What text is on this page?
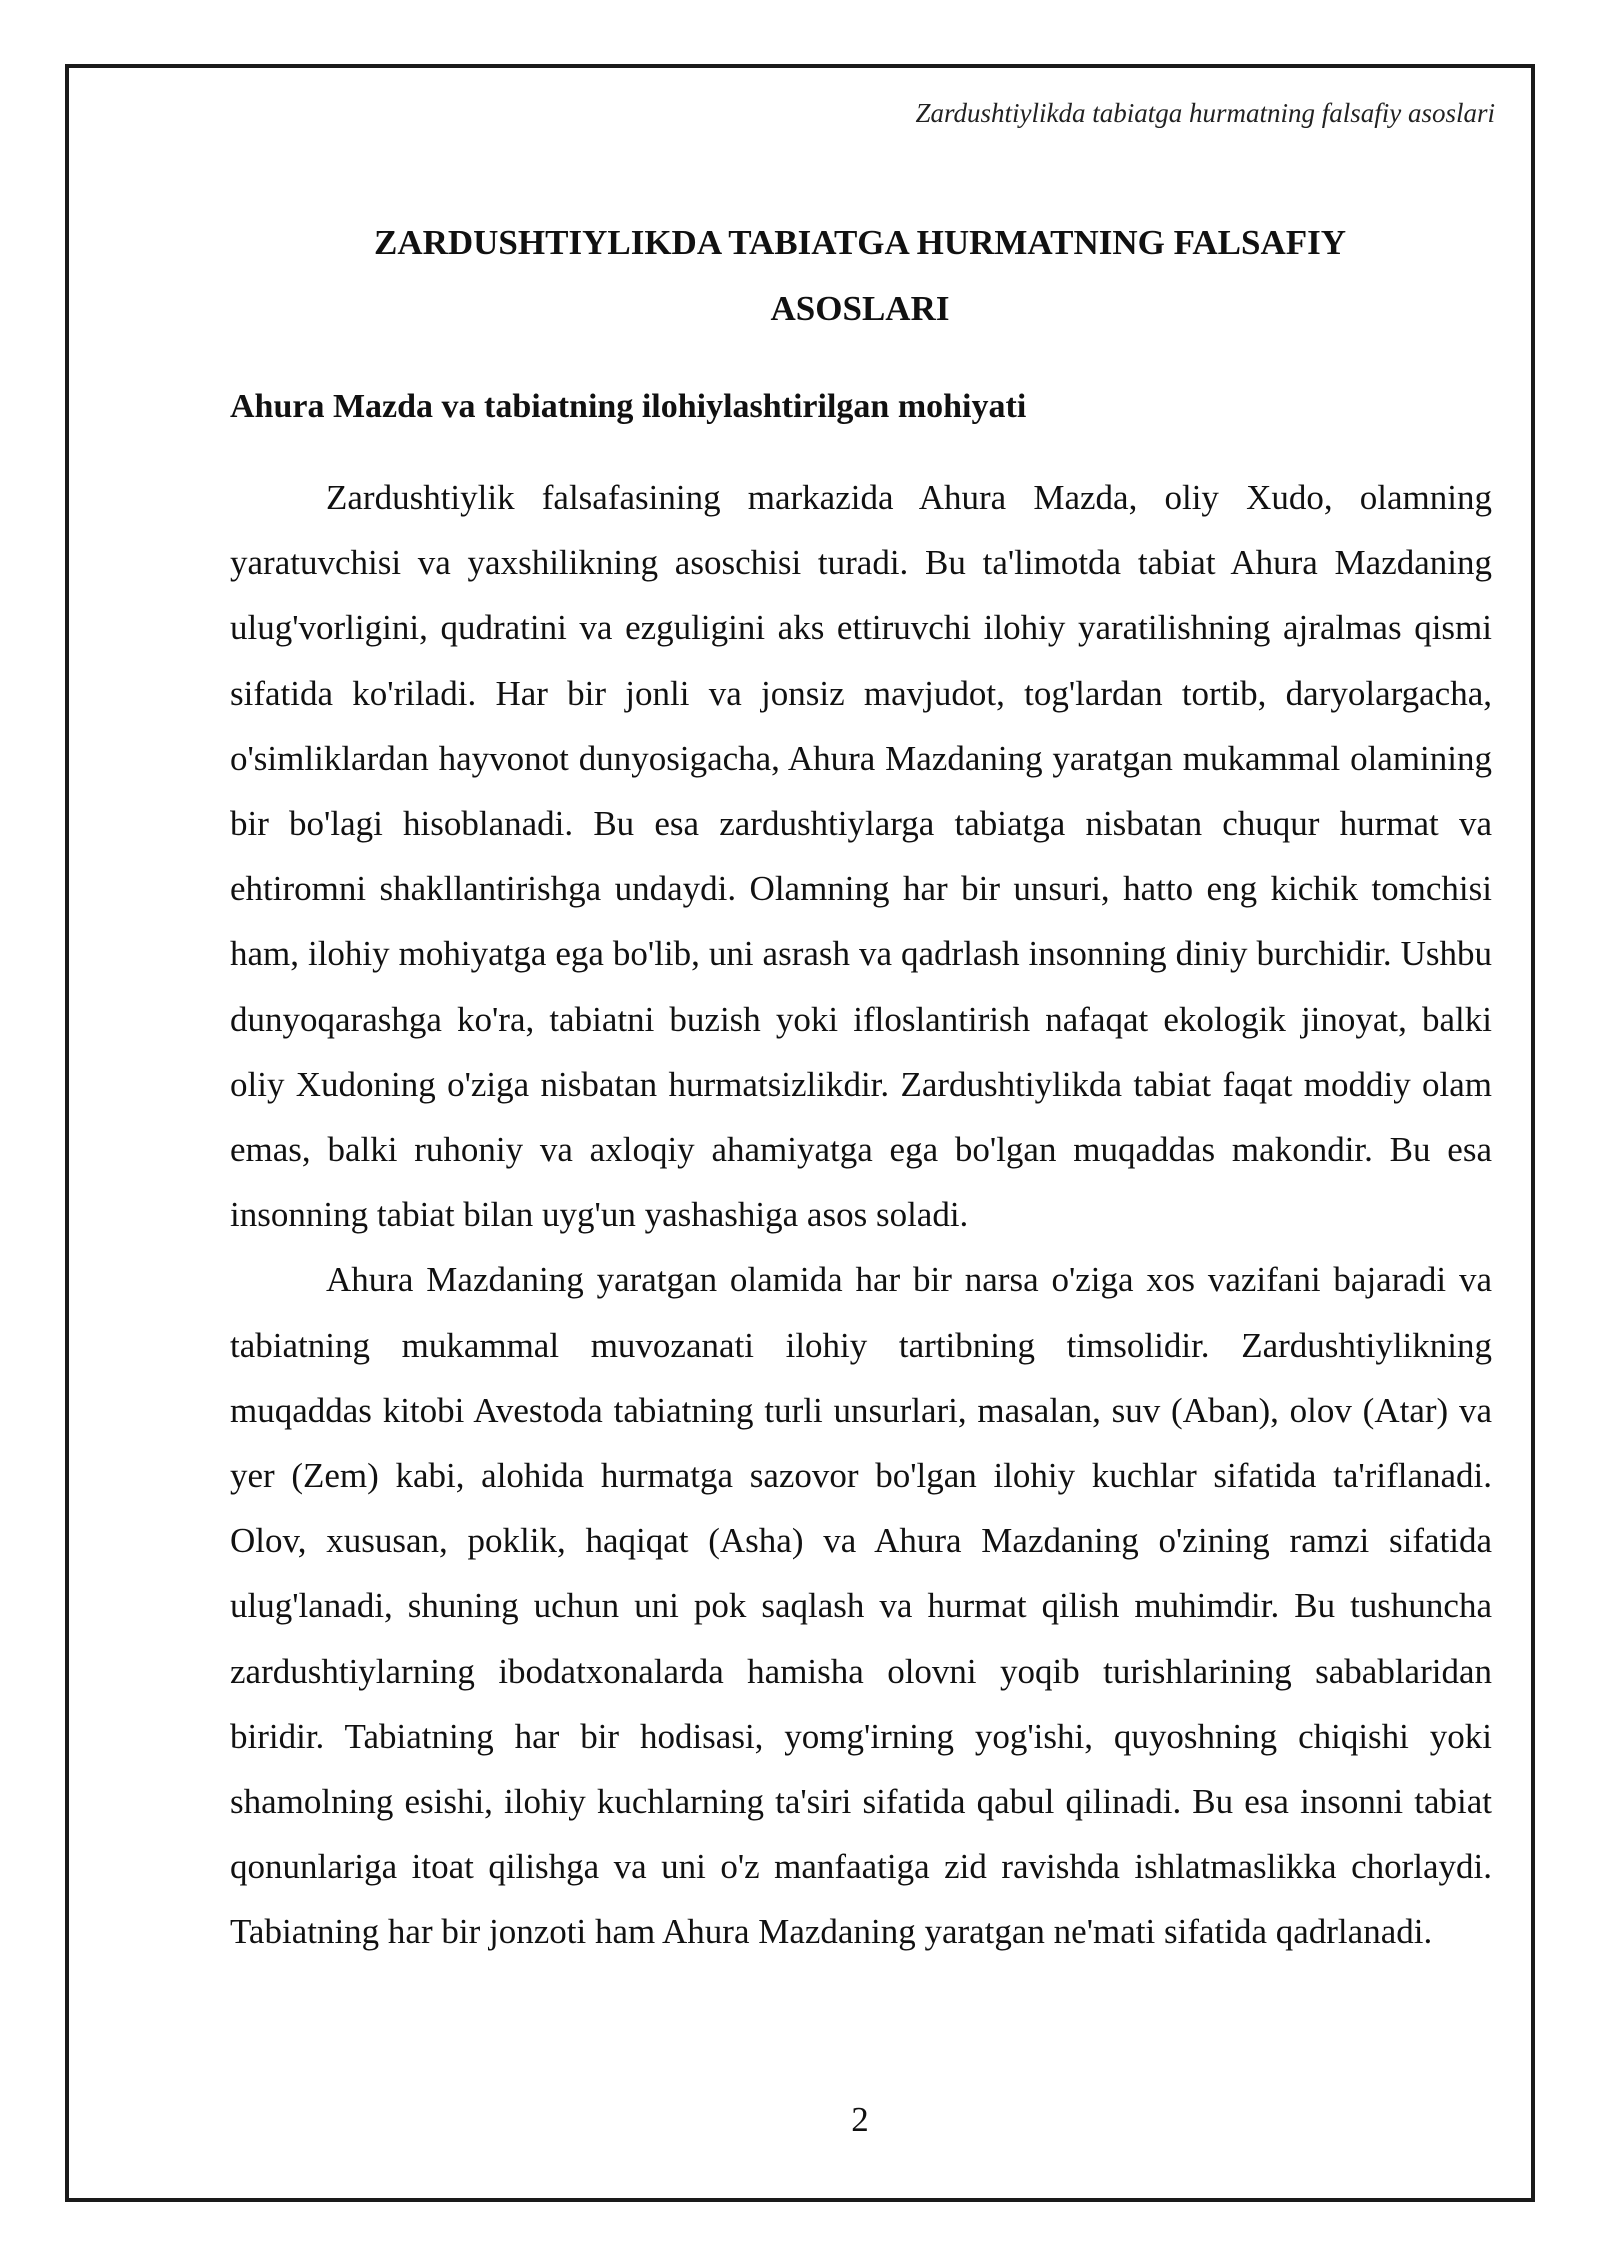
Zardushtiylikda tabiatga hurmatning falsafiy asoslari
ZARDUSHTIYLIKDA TABIATGA HURMATNING FALSAFIY
ASOSLARI
Ahura Mazda va tabiatning ilohiylashtirilgan mohiyati

Zardushtiylik falsafasining markazida Ahura Mazda, oliy Xudo, olamning yaratuvchisi va yaxshilikning asoschisi turadi. Bu ta'limotda tabiat Ahura Mazdaning ulug'vorligini, qudratini va ezguligini aks ettiruvchi ilohiy yaratilishning ajralmas qismi sifatida ko'riladi. Har bir jonli va jonsiz mavjudot, tog'lardan tortib, daryolargacha, o'simliklardan hayvonot dunyosigacha, Ahura Mazdaning yaratgan mukammal olamining bir bo'lagi hisoblanadi. Bu esa zardushtiylarga tabiatga nisbatan chuqur hurmat va ehtiromni shakllantirishga undaydi. Olamning har bir unsuri, hatto eng kichik tomchisi ham, ilohiy mohiyatga ega bo'lib, uni asrash va qadrlash insonning diniy burchidir. Ushbu dunyoqarashga ko'ra, tabiatni buzish yoki ifloslantirish nafaqat ekologik jinoyat, balki oliy Xudoning o'ziga nisbatan hurmatsizlikdir. Zardushtiylikda tabiat faqat moddiy olam emas, balki ruhoniy va axloqiy ahamiyatga ega bo'lgan muqaddas makondir. Bu esa insonning tabiat bilan uyg'un yashashiga asos soladi.

Ahura Mazdaning yaratgan olamida har bir narsa o'ziga xos vazifani bajaradi va tabiatning mukammal muvozanati ilohiy tartibning timsolidir. Zardushtiylikning muqaddas kitobi Avestoda tabiatning turli unsurlari, masalan, suv (Aban), olov (Atar) va yer (Zem) kabi, alohida hurmatga sazovor bo'lgan ilohiy kuchlar sifatida ta'riflanadi. Olov, xususan, poklik, haqiqat (Asha) va Ahura Mazdaning o'zining ramzi sifatida ulug'lanadi, shuning uchun uni pok saqlash va hurmat qilish muhimdir. Bu tushuncha zardushtiylarning ibodatxonalarda hamisha olovni yoqib turishlarining sabablaridan biridir. Tabiatning har bir hodisasi, yomg'irning yog'ishi, quyoshning chiqishi yoki shamolning esishi, ilohiy kuchlarning ta'siri sifatida qabul qilinadi. Bu esa insonni tabiat qonunlariga itoat qilishga va uni o'z manfaatiga zid ravishda ishlatmaslikka chorlaydi. Tabiatning har bir jonzoti ham Ahura Mazdaning yaratgan ne'mati sifatida qadrlanadi.

2
